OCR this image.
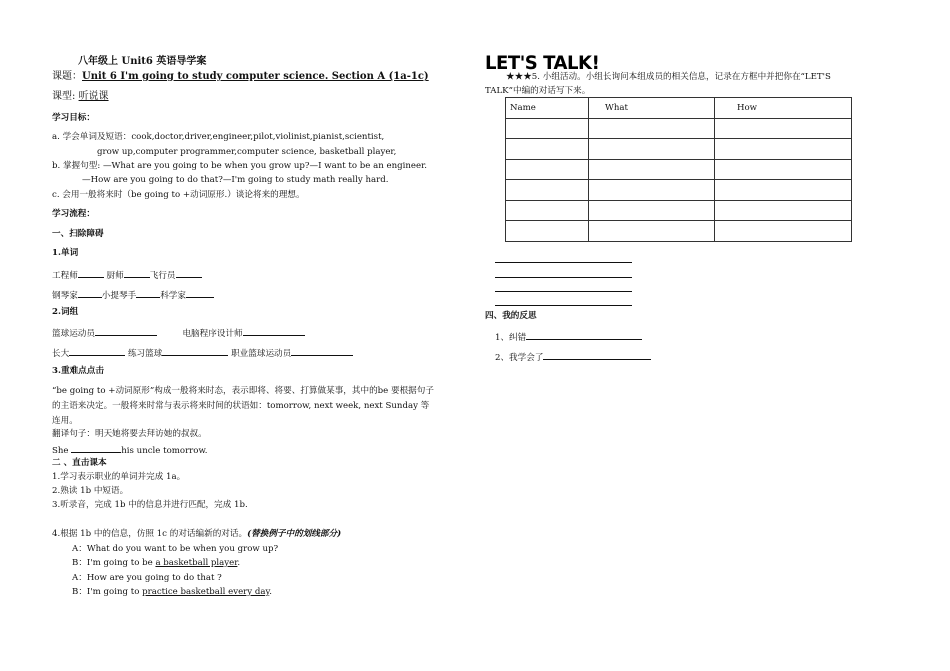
八年级上 Unit6 英语导学案
课题：Unit 6 I'm going to study computer science. Section A (1a-1c)
课型: 听说课
学习目标：
a. 学会单词及短语：cook,doctor,driver,engineer,pilot,violinist,pianist,scientist,
grow up,computer programmer,computer science, basketball player,
b. 掌握句型: —What are you going to be when you grow up?—I want to be an engineer.
—How are you going to do that?—I'm going to study math really hard.
c. 会用一般将来时（be going to +动词原形.）谈论将来的理想。
学习流程：
一、扫除障碍
1.单词
工程师	厨师	飞行员
钢琴家	小提琴手	科学家
2.词组
篮球运动员	电脑程序设计师
长大	练习篮球	职业篮球运动员
3.重难点点击
“be going to +动词原形”构成一般将来时态，表示即将、将要、打算做某事，其中的be 要根据句子的主语来决定。一般将来时常与表示将来时间的状语如：tomorrow, next week, next Sunday 等连用。
翻译句子：明天她将要去拜访她的叔叔。
She	his uncle tomorrow.
二 、直击课本
1.学习表示职业的单词并完成 1a。
2.熟读 1b 中短语。
3.听录音，完成 1b 中的信息并进行匹配，完成 1b.
4.根据 1b 中的信息，仿照 1c 的对话编新的对话。(替换例子中的划线部分)
A：What do you want to be when you grow up?
B：I'm going to be a basketball player.
A：How are you going to do that ?
B：I'm going to practice basketball every day.
LET'S TALK!
★★★5. 小组活动。小组长询问本组成员的相关信息，记录在方框中并把你在“LET'S
TALK”中编的对话写下来。
Name	What	How

四、我的反思
1、纠错
2、我学会了
